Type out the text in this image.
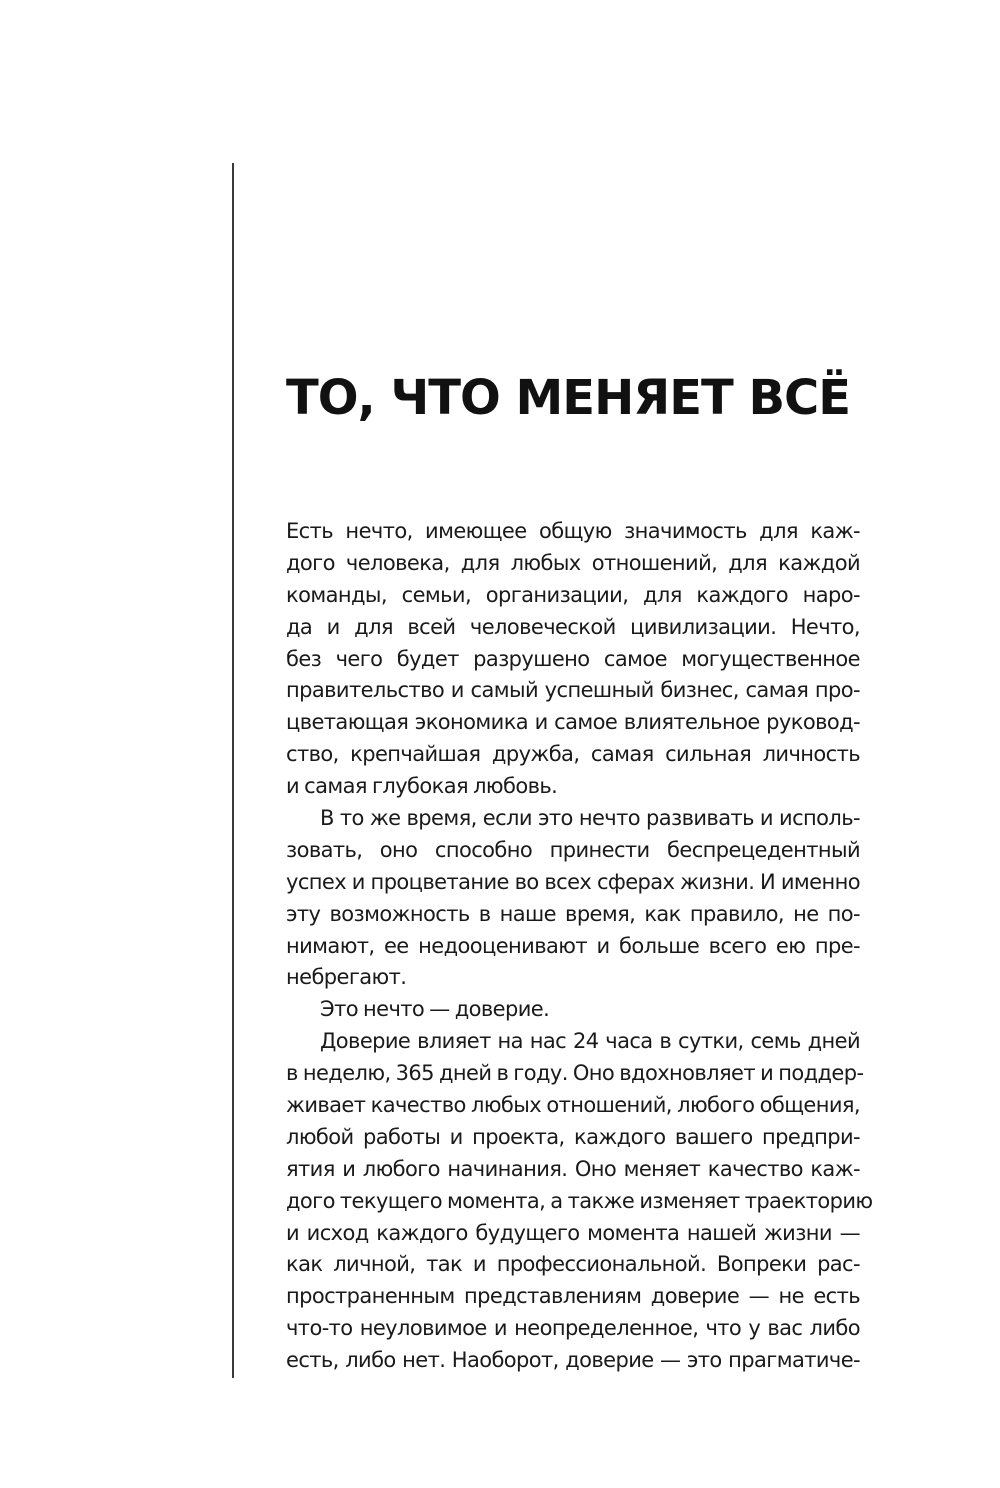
ТО, ЧТО МЕНЯЕТ ВСЁ
Есть нечто, имеющее общую значимость для каж-
дого человека, для любых отношений, для каждой
команды, семьи, организации, для каждого наро-
да и для всей человеческой цивилизации. Нечто,
без чего будет разрушено самое могущественное
правительство и самый успешный бизнес, самая про-
цветающая экономика и самое влиятельное руковод-
ство, крепчайшая дружба, самая сильная личность
и самая глубокая любовь.
В то же время, если это нечто развивать и исполь-
зовать, оно способно принести беспрецедентный
успех и процветание во всех сферах жизни. И именно
эту возможность в наше время, как правило, не по-
нимают, ее недооценивают и больше всего ею пре-
небрегают.
Это нечто — доверие.
Доверие влияет на нас 24 часа в сутки, семь дней
в неделю, 365 дней в году. Оно вдохновляет и поддер-
живает качество любых отношений, любого общения,
любой работы и проекта, каждого вашего предпри-
ятия и любого начинания. Оно меняет качество каж-
дого текущего момента, а также изменяет траекторию
и исход каждого будущего момента нашей жизни —
как личной, так и профессиональной. Вопреки рас-
пространенным представлениям доверие — не есть
что-то неуловимое и неопределенное, что у вас либо
есть, либо нет. Наоборот, доверие — это прагматиче-
